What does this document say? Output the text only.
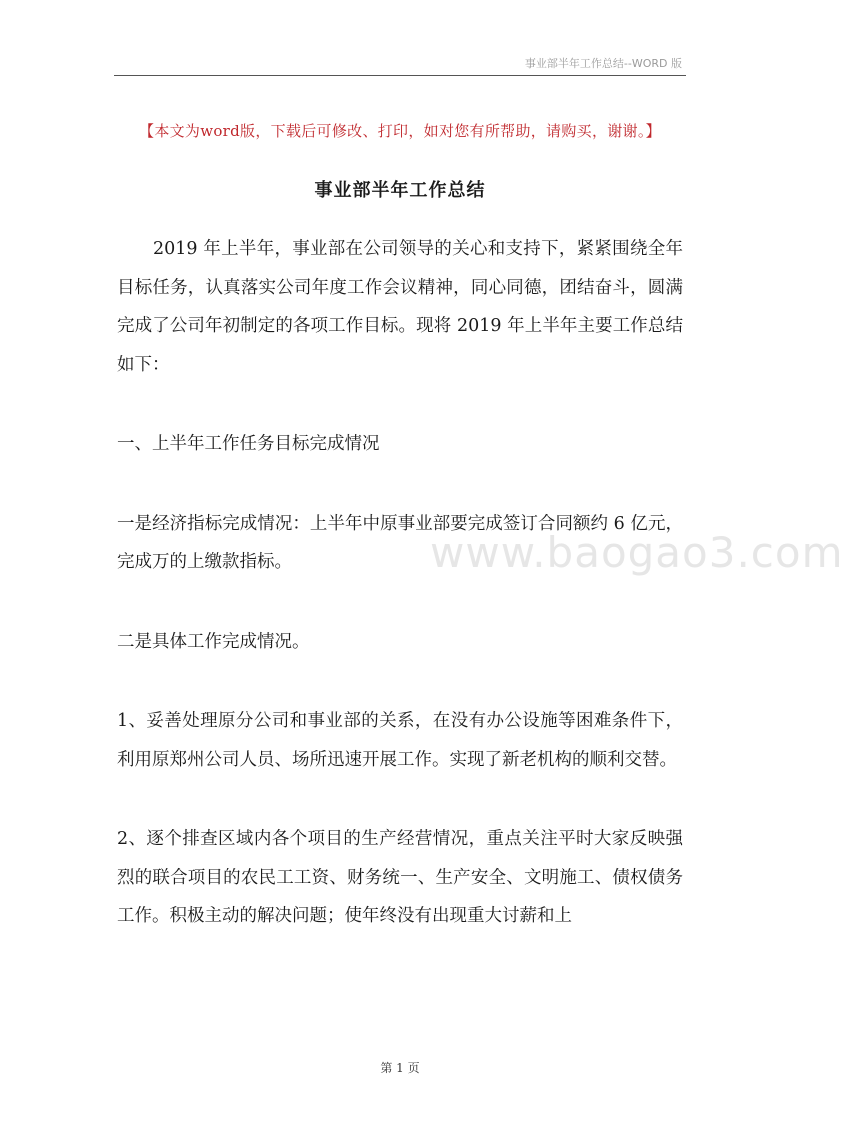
事业部半年工作总结--WORD 版
【本文为word版，下载后可修改、打印，如对您有所帮助，请购买，谢谢。】
事业部半年工作总结
www.baogao3.com

2019 年上半年，事业部在公司领导的关心和支持下，紧紧围绕全年目标任务，认真落实公司年度工作会议精神，同心同德，团结奋斗，圆满完成了公司年初制定的各项工作目标。现将 2019 年上半年主要工作总结如下：

一、上半年工作任务目标完成情况

一是经济指标完成情况：上半年中原事业部要完成签订合同额约 6 亿元，完成万的上缴款指标。

二是具体工作完成情况。

1、妥善处理原分公司和事业部的关系，在没有办公设施等困难条件下，利用原郑州公司人员、场所迅速开展工作。实现了新老机构的顺利交替。

2、逐个排查区域内各个项目的生产经营情况，重点关注平时大家反映强烈的联合项目的农民工工资、财务统一、生产安全、文明施工、债权债务工作。积极主动的解决问题；使年终没有出现重大讨薪和上

第 1 页
